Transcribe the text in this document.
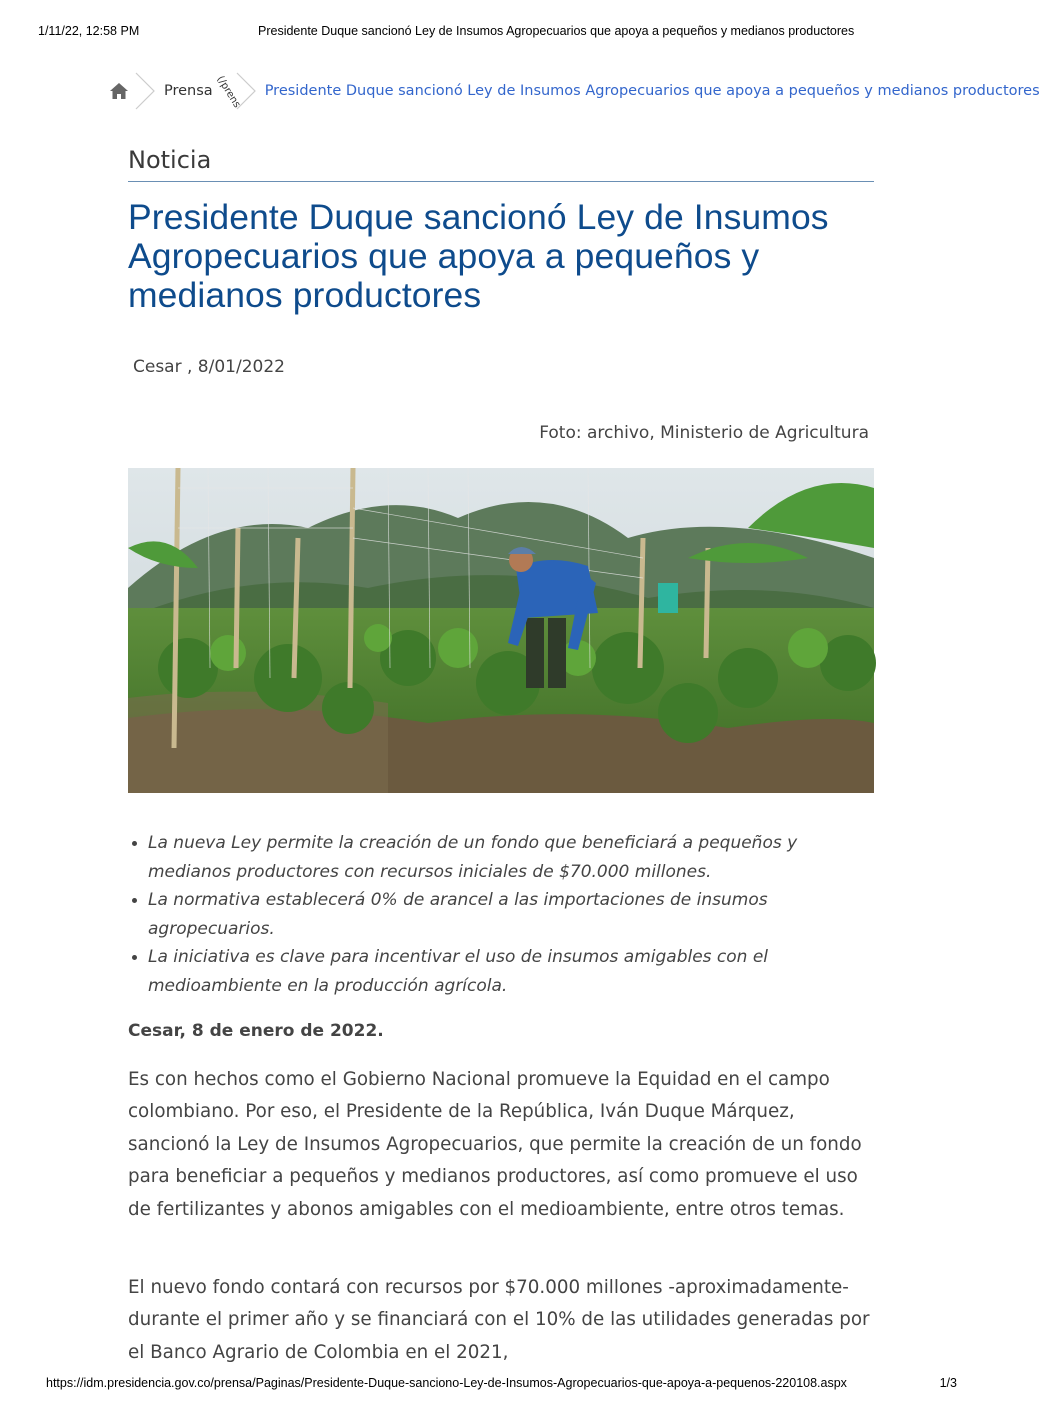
1/11/22, 12:58 PM	Presidente Duque sancionó Ley de Insumos Agropecuarios que apoya a pequeños y medianos productores
Prensa (/prens Presidente Duque sancionó Ley de Insumos Agropecuarios que apoya a pequeños y medianos productores
Noticia
Presidente Duque sancionó Ley de Insumos Agropecuarios que apoya a pequeños y medianos productores
Cesar , 8/01/2022
Foto: archivo, Ministerio de Agricultura
La nueva Ley permite la creación de un fondo que beneficiará a pequeños y medianos productores con recursos iniciales de $70.000 millones.
La normativa establecerá 0% de arancel a las importaciones de insumos agropecuarios.
La iniciativa es clave para incentivar el uso de insumos amigables con el medioambiente en la producción agrícola.
Cesar, 8 de enero de 2022.

Es con hechos como el Gobierno Nacional promueve la Equidad en el campo colombiano. Por eso, el Presidente de la República, Iván Duque Márquez, sancionó la Ley de Insumos Agropecuarios, que permite la creación de un fondo para beneficiar a pequeños y medianos productores, así como promueve el uso de fertilizantes y abonos amigables con el medioambiente, entre otros temas.

El nuevo fondo contará con recursos por $70.000 millones -aproximadamente- durante el primer año y se financiará con el 10% de las utilidades generadas por el Banco Agrario de Colombia en el 2021,

https://idm.presidencia.gov.co/prensa/Paginas/Presidente-Duque-sanciono-Ley-de-Insumos-Agropecuarios-que-apoya-a-pequenos-220108.aspx	1/3
